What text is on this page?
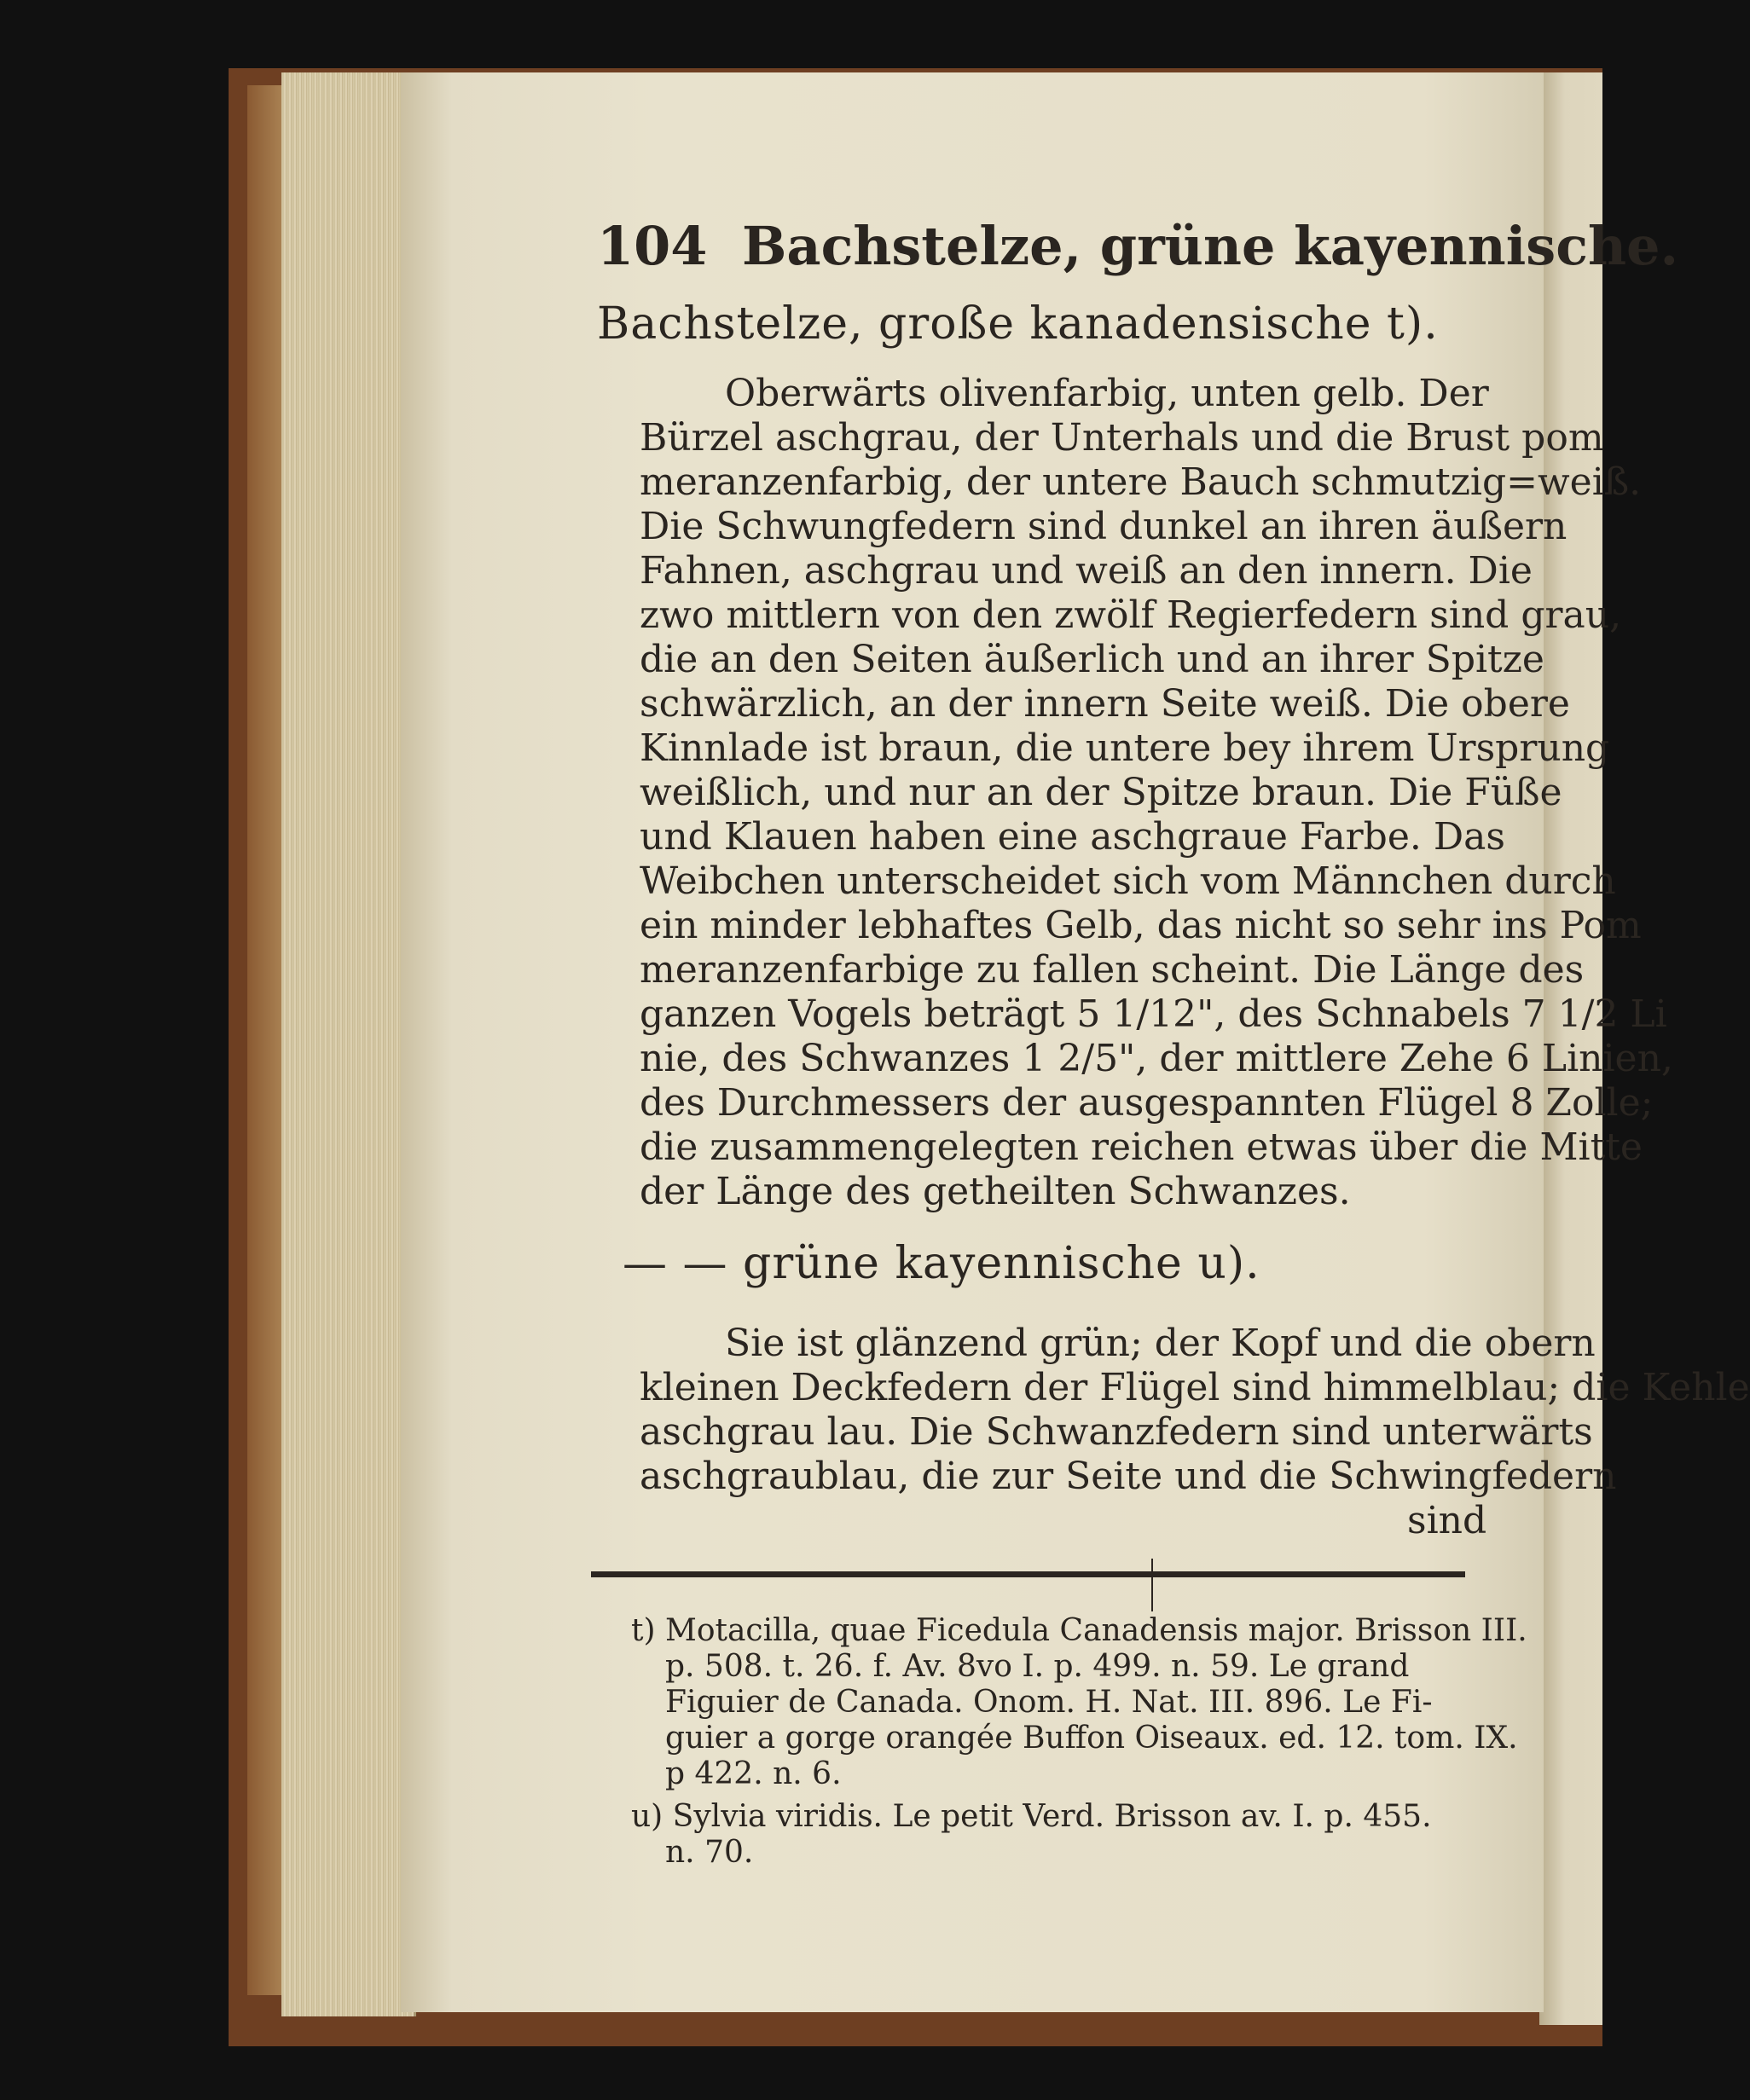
104 Bachstelze, grüne kayennische.
Bachstelze, große kanadensische t).
Oberwärts olivenfarbig, unten gelb. Der
Bürzel aschgrau, der Unterhals und die Brust pom
meranzenfarbig, der untere Bauch schmutzig=weiß.
Die Schwungfedern sind dunkel an ihren äußern
Fahnen, aschgrau und weiß an den innern. Die
zwo mittlern von den zwölf Regierfedern sind grau,
die an den Seiten äußerlich und an ihrer Spitze
schwärzlich, an der innern Seite weiß. Die obere
Kinnlade ist braun, die untere bey ihrem Ursprung
weißlich, und nur an der Spitze braun. Die Füße
und Klauen haben eine aschgraue Farbe. Das
Weibchen unterscheidet sich vom Männchen durch
ein minder lebhaftes Gelb, das nicht so sehr ins Pom
meranzenfarbige zu fallen scheint. Die Länge des
ganzen Vogels beträgt 5 1/12", des Schnabels 7 1/2 Li
nie, des Schwanzes 1 2/5", der mittlere Zehe 6 Linien,
des Durchmessers der ausgespannten Flügel 8 Zolle;
die zusammengelegten reichen etwas über die Mitte
der Länge des getheilten Schwanzes.
— — grüne kayennische u).
Sie ist glänzend grün; der Kopf und die obern
kleinen Deckfedern der Flügel sind himmelblau; die Kehle
aschgrau lau. Die Schwanzfedern sind unterwärts
aschgraublau, die zur Seite und die Schwingfedern
sind
t) Motacilla, quae Ficedula Canadensis major. Brisson III.
p. 508. t. 26. f. Av. 8vo I. p. 499. n. 59. Le grand
Figuier de Canada. Onom. H. Nat. III. 896. Le Fi-
guier a gorge orangée Buffon Oiseaux. ed. 12. tom. IX.
p 422. n. 6.
u) Sylvia viridis. Le petit Verd. Brisson av. I. p. 455.
n. 70.
